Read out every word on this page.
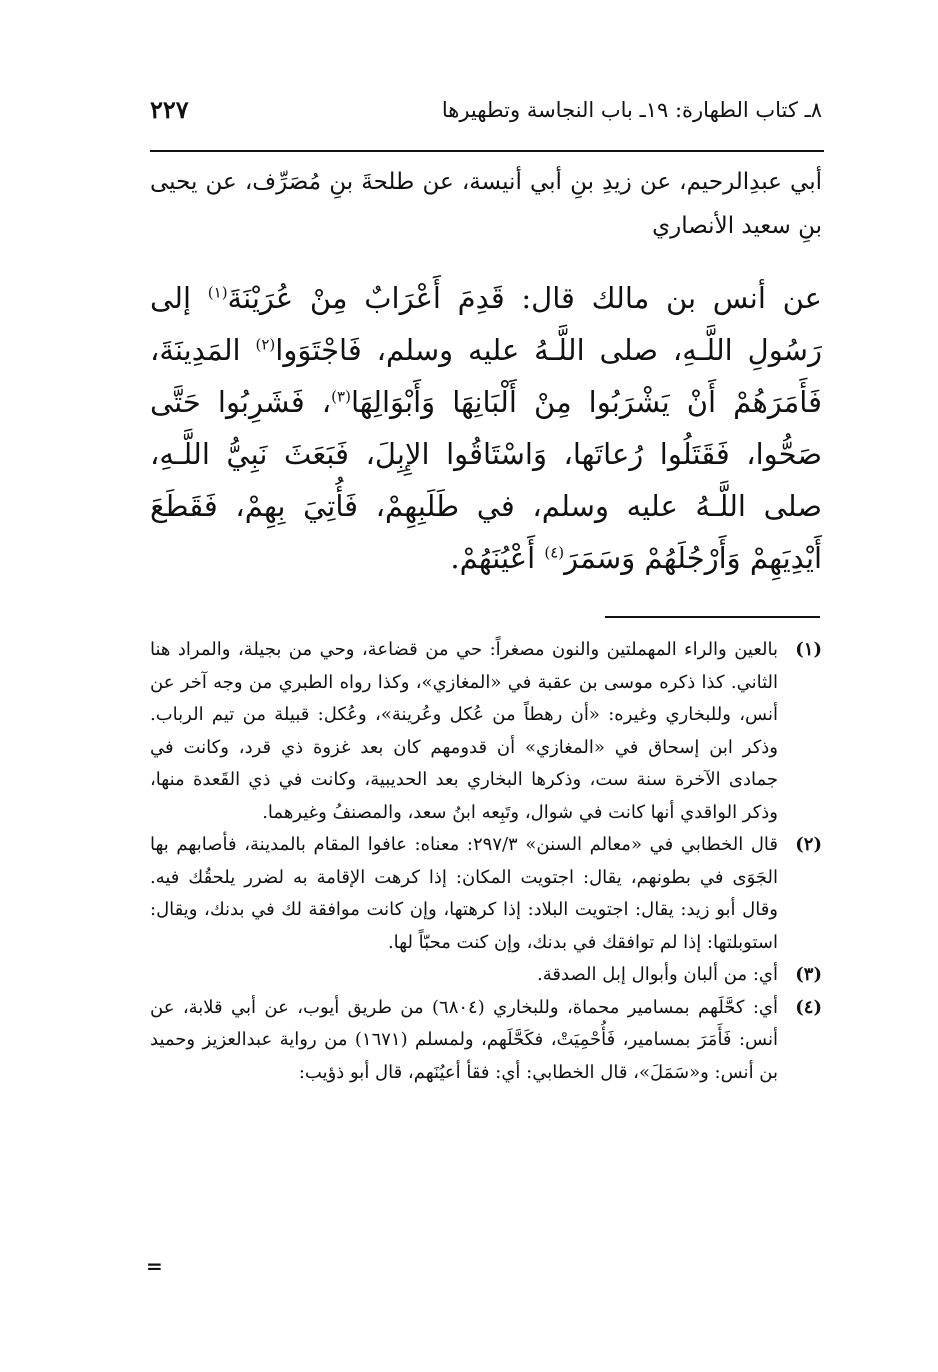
٨ـ كتاب الطهارة: ١٩ـ باب النجاسة وتطهيرها
٢٢٧
أبي عبدِالرحيم، عن زيدِ بنِ أبي أنيسة، عن طلحةَ بنِ مُصَرِّف، عن يحيى بنِ سعيد الأنصاري
عن أنس بن مالك قال: قَدِمَ أَعْرَابٌ مِنْ عُرَيْنَةَ$^{(١)}$ إلى رَسُولِ اللَّـهِ، صلى اللَّـهُ عليه وسلم، فَاجْتَوَوا$^{(٢)}$ المَدِينَةَ، فَأَمَرَهُمْ أَنْ يَشْرَبُوا مِنْ أَلْبَانِهَا وَأَبْوَالِهَا$^{(٣)}$، فَشَرِبُوا حَتَّى صَحُّوا، فَقَتَلُوا رُعاتَها، وَاسْتَاقُوا الإِبِلَ، فَبَعَثَ نَبِيُّ اللَّـهِ، صلى اللَّـهُ عليه وسلم، في طَلَبِهِمْ، فَأُتِيَ بِهِمْ، فَقَطَعَ أَيْدِيَهِمْ وَأَرْجُلَهُمْ وَسَمَرَ$^{(٤)}$ أَعْيُنَهُمْ.
(١)
بالعين والراء المهملتين والنون مصغراً: حي من قضاعة، وحي من بجيلة، والمراد هنا الثاني. كذا ذكره موسى بن عقبة في «المغازي»، وكذا رواه الطبري من وجه آخر عن أنس، وللبخاري وغيره: «أن رهطاً من عُكل وعُرينة»، وعُكل: قبيلة من تيم الرباب. وذكر ابن إسحاق في «المغازي» أن قدومهم كان بعد غزوة ذي قرد، وكانت في جمادى الآخرة سنة ست، وذكرها البخاري بعد الحديبية، وكانت في ذي القَعدة منها، وذكر الواقدي أنها كانت في شوال، وتَبِعه ابنُ سعد، والمصنفُ وغيرهما.
(٢)
قال الخطابي في «معالم السنن» ٢٩٧/٣: معناه: عافوا المقام بالمدينة، فأصابهم بها الجَوَى في بطونهم، يقال: اجتويت المكان: إذا كرهت الإقامة به لضرر يلحقُك فيه. وقال أبو زيد: يقال: اجتويت البلاد: إذا كرهتها، وإن كانت موافقة لك في بدنك، ويقال: استوبلتها: إذا لم توافقك في بدنك، وإن كنت محبّاً لها.
(٣)
أي: من ألبان وأبوال إبل الصدقة.
(٤)
أي: كحَّلَهم بمسامير محماة، وللبخاري (٦٨٠٤) من طريق أيوب، عن أبي قلابة، عن أنس: فَأَمَرَ بمسامير، فَأُحْمِيَتْ، فكَحَّلَهم، ولمسلم (١٦٧١) من رواية عبدالعزيز وحميد بن أنس: و«سَمَلَ»، قال الخطابي: أي: فقأ أعيُنَهم، قال أبو ذؤيب:
=
